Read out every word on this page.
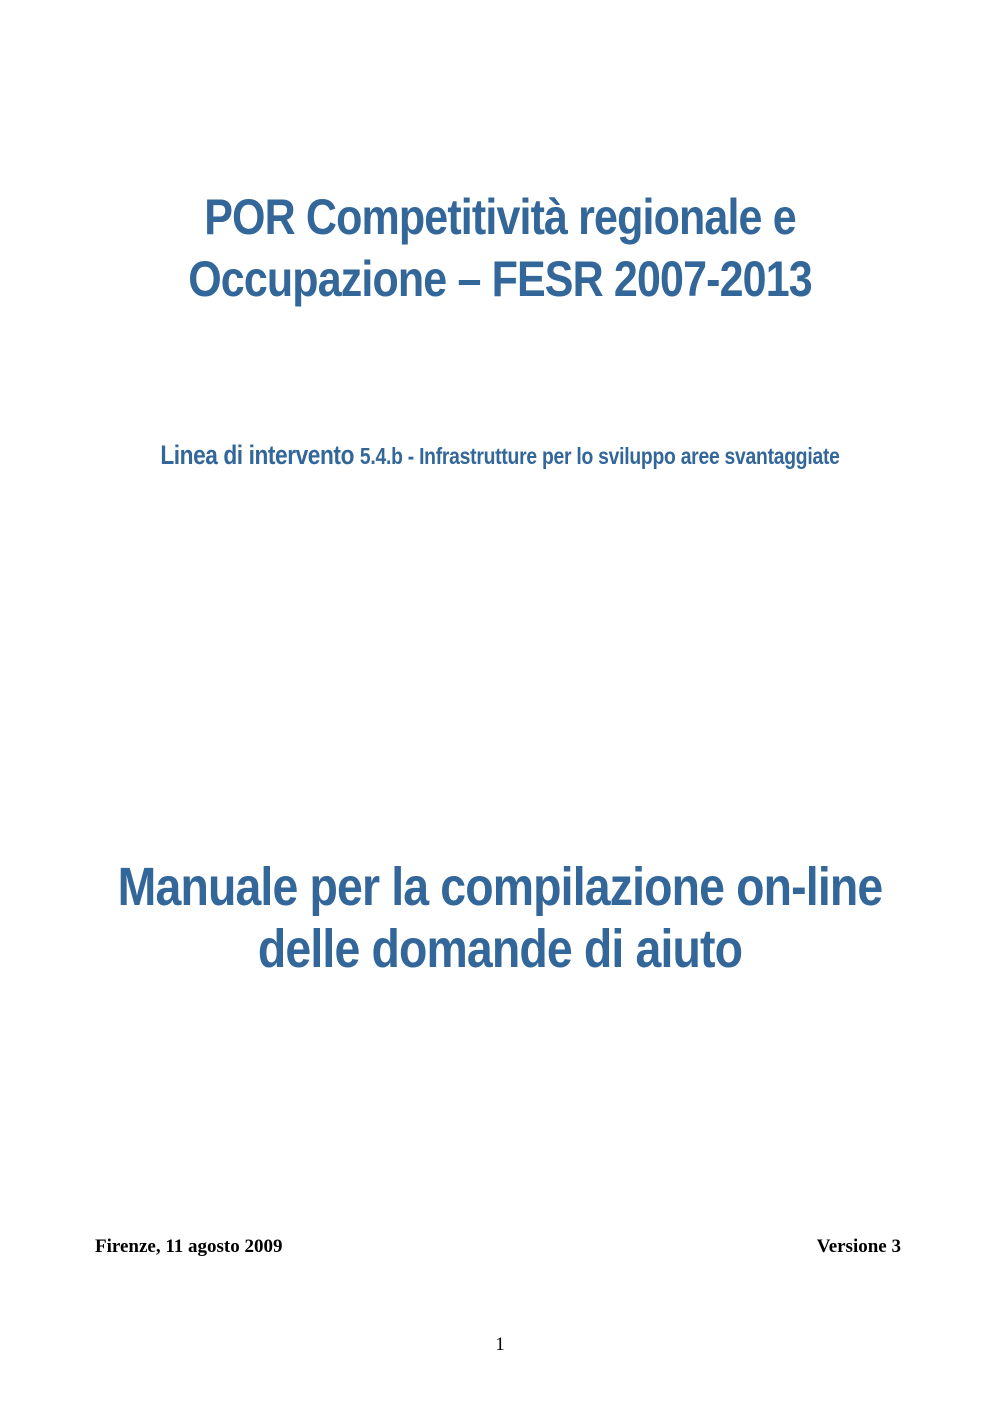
POR Competitività regionale e
Occupazione – FESR 2007-2013
Linea di intervento 5.4.b - Infrastrutture per lo sviluppo aree svantaggiate
Manuale per la compilazione on-line
delle domande di aiuto

Firenze, 11 agosto 2009	Versione 3

1
